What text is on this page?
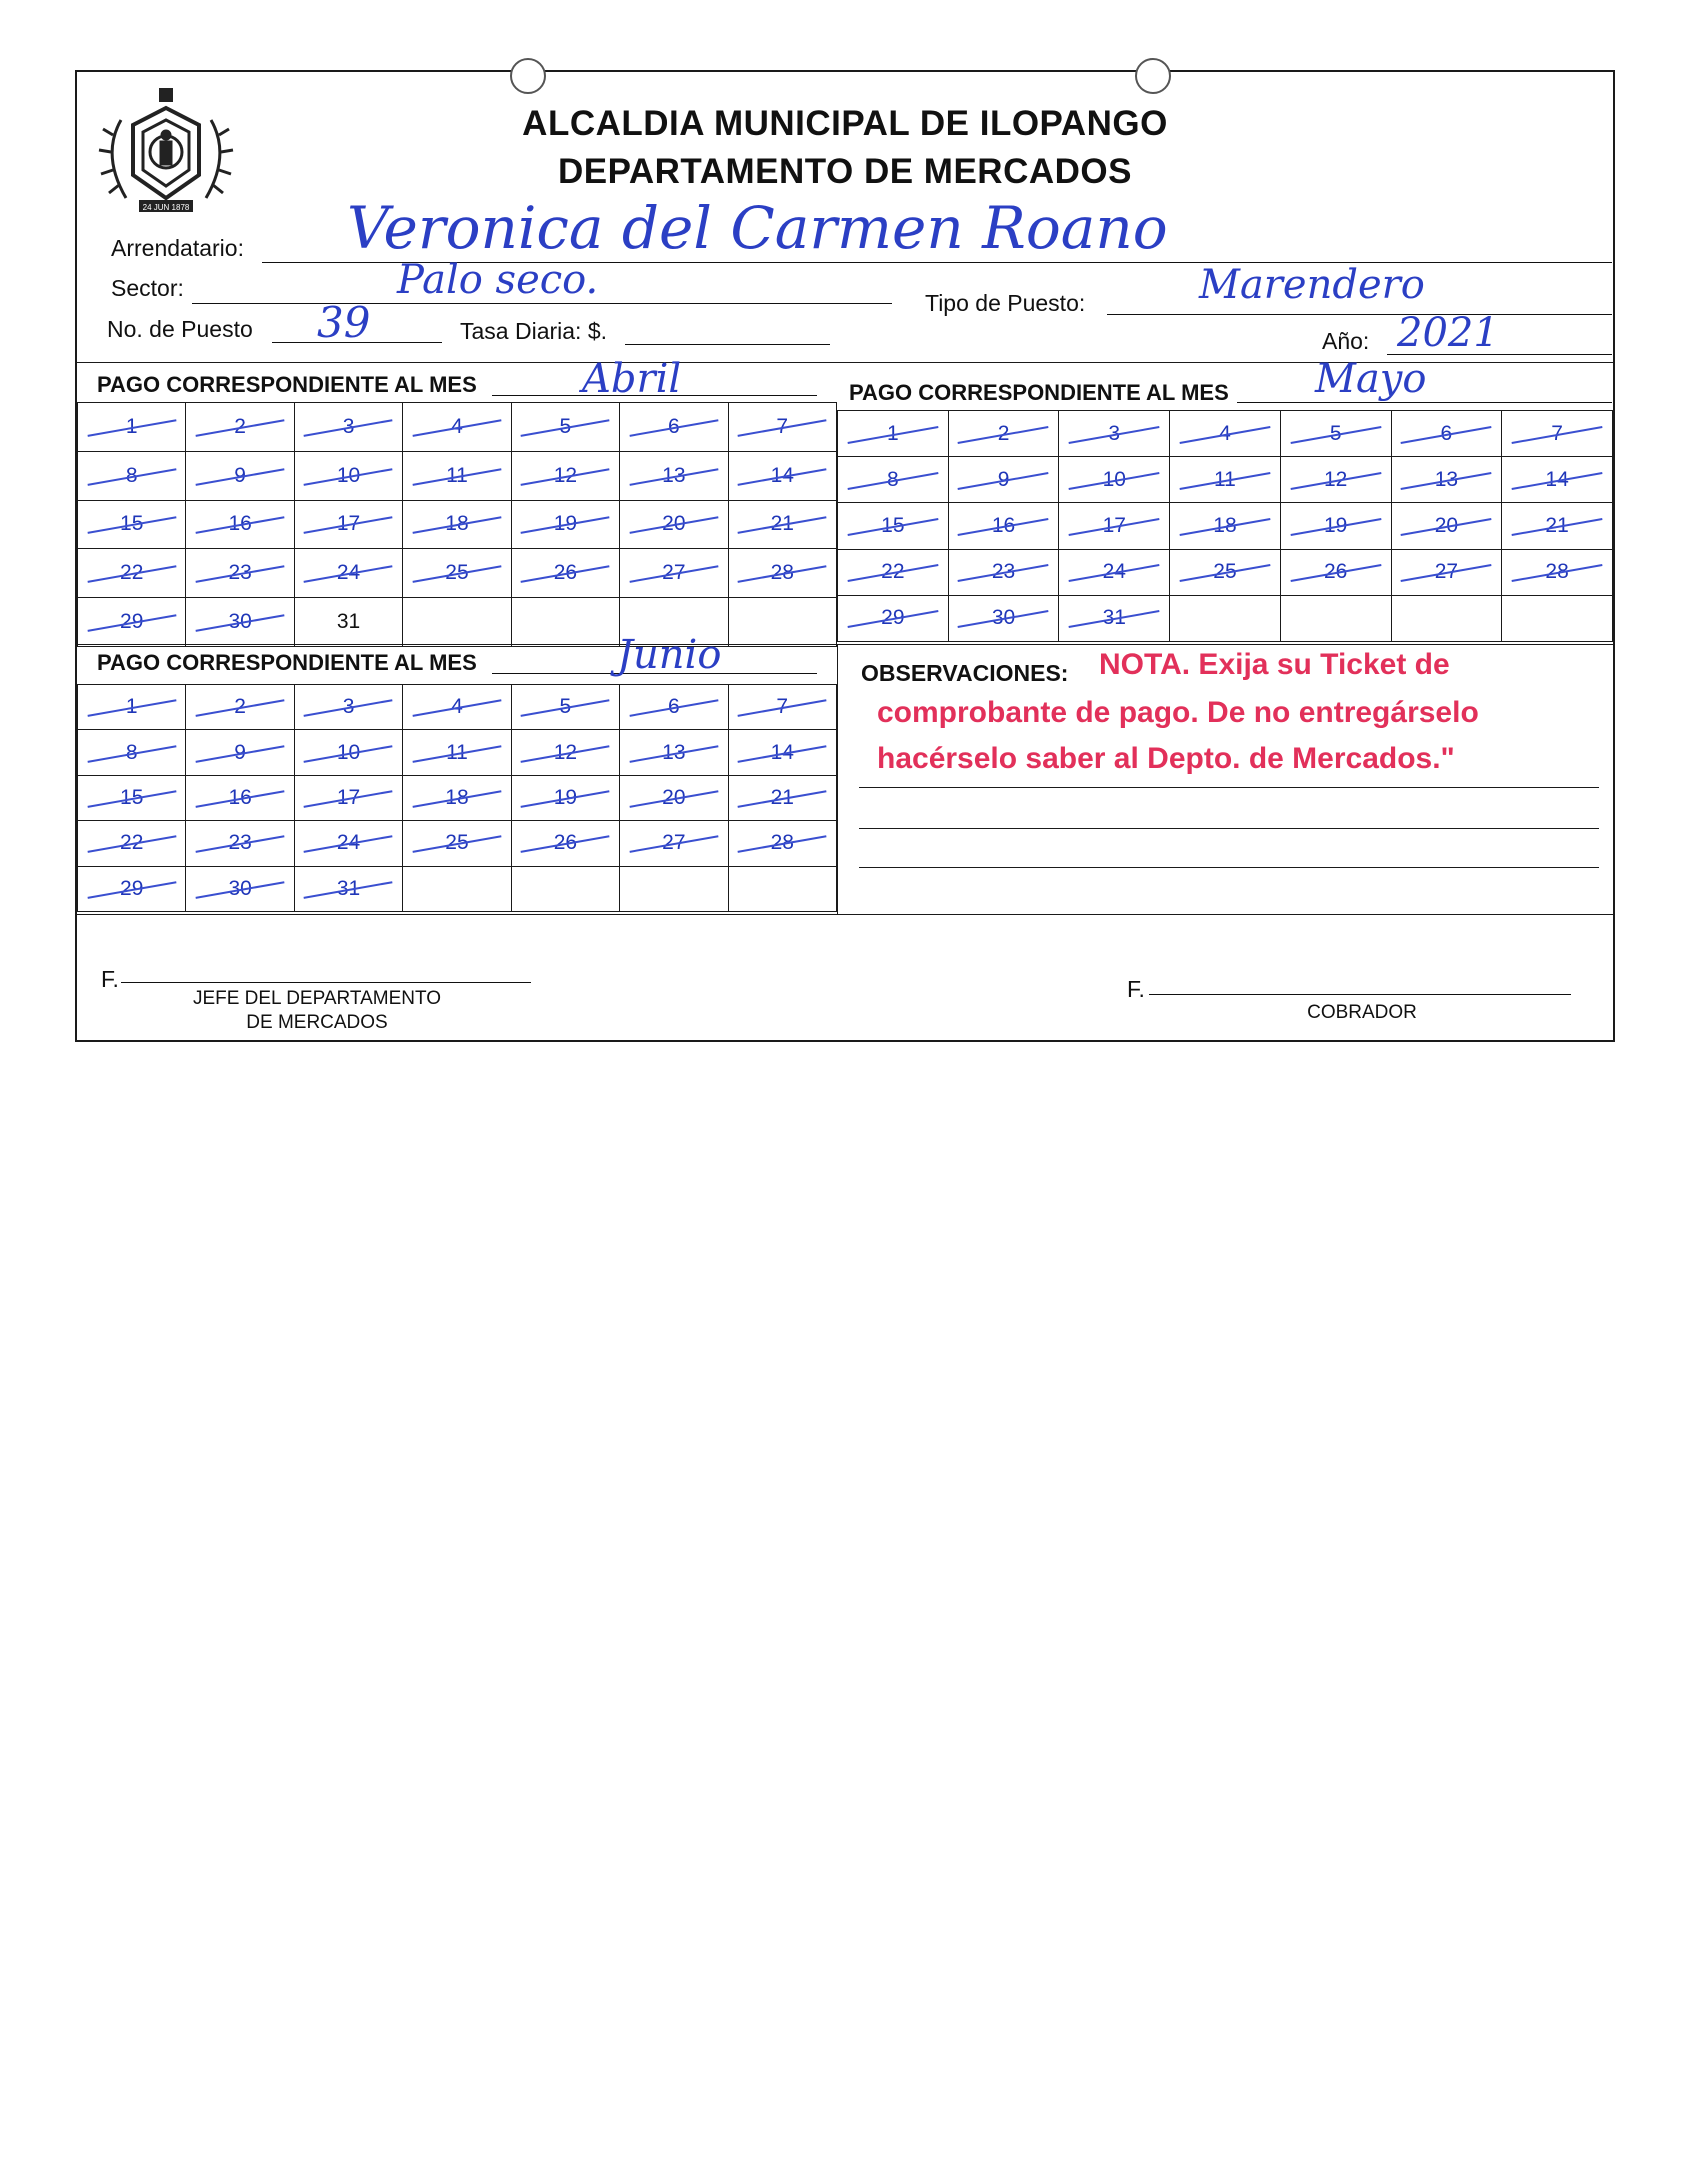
24 JUN 1878
ALCALDIA MUNICIPAL DE ILOPANGO
DEPARTAMENTO DE MERCADOS
Arrendatario: Veronica del Carmen Roano
Sector:	Palo seco.	Tipo de Puesto:	Marendero
No. de Puesto 39	Tasa Diaria: $.	Año: 2021
PAGO CORRESPONDIENTE AL MES	Abril
1	2	3	4	5	6	7

8	9	10	11	12	13	14

15	16	17	18	19	20	21

22	23	24	25	26	27	28

29	30	31				
PAGO CORRESPONDIENTE AL MES Mayo
1	2	3	4	5	6	7

8	9	10	11	12	13	14

15	16	17	18	19	20	21

22	23	24	25	26	27	28

29	30	31

PAGO CORRESPONDIENTE AL MES	Junio
1	2	3	4	5	6	7

8	9	10	11	12	13	14

15	16	17	18	19	20	21

22	23	24	25	26	27	28

29	30	31

OBSERVACIONES: NOTA. Exija su Ticket de
comprobante de pago. De no entregárselo
hacérselo saber al Depto. de Mercados."
F.
JEFE DEL DEPARTAMENTO
DE MERCADOS
F.
COBRADOR
